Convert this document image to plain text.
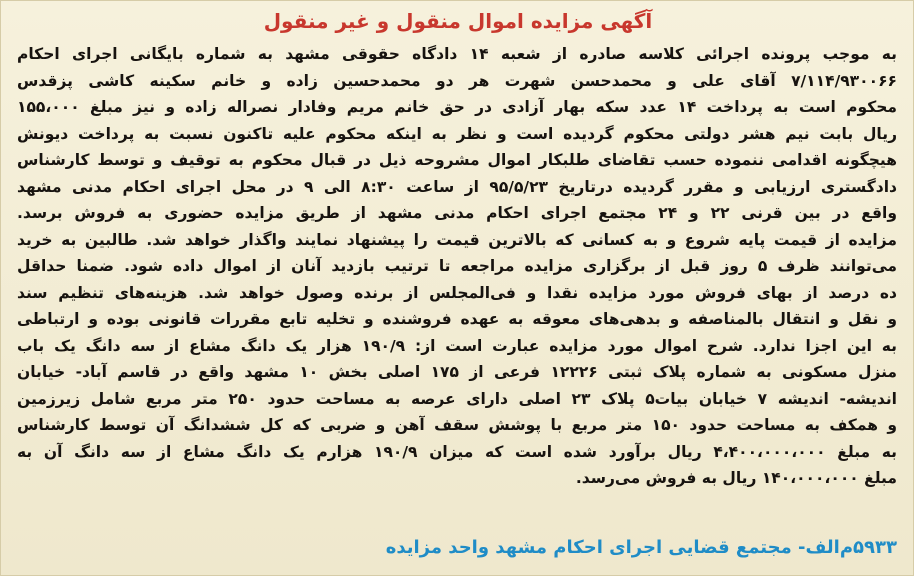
آگهی مزایده اموال منقول و غیر منقول
به موجب پرونده اجرائی کلاسه صادره از شعبه ۱۴ دادگاه حقوقی مشهد به شماره بایگانی اجرای احکام
۷/۱۱۴/۹۳۰۰۶۶ آقای علی و محمدحسن شهرت هر دو محمدحسین زاده و خانم سکینه کاشی پزقدس
محکوم است به پرداخت ۱۴ عدد سکه بهار آزادی در حق خانم مریم وفادار نصراله زاده و نیز مبلغ ۱۵۵،۰۰۰
ریال بابت نیم هشر دولتی محکوم گردیده است و نظر به اینکه محکوم علیه تاکنون نسبت به پرداخت دیونش
هیچگونه اقدامی ننموده حسب تقاضای طلبکار اموال مشروحه ذیل در قبال محکوم به توقیف و توسط کارشناس
دادگستری ارزیابی و مقرر گردیده درتاریخ ۹۵/۵/۲۳ از ساعت ۸:۳۰ الی ۹ در محل اجرای احکام مدنی مشهد
واقع در بین قرنی ۲۲ و ۲۴ مجتمع اجرای احکام مدنی مشهد از طریق مزایده حضوری به فروش برسد.
مزایده از قیمت پایه شروع و به کسانی که بالاترین قیمت را پیشنهاد نمایند واگذار خواهد شد. طالبین به خرید
می‌توانند ظرف ۵ روز قبل از برگزاری مزایده مراجعه تا ترتیب بازدید آنان از اموال داده شود. ضمنا حداقل
ده درصد از بهای فروش مورد مزایده نقدا و فی‌المجلس از برنده وصول خواهد شد. هزینه‌های تنظیم سند
و نقل و انتقال بالمناصفه و بدهی‌های معوقه به عهده فروشنده و تخلیه تابع مقررات قانونی بوده و ارتباطی
به این اجزا ندارد. شرح اموال مورد مزایده عبارت است از: ۱۹۰/۹ هزار یک دانگ مشاع از سه دانگ یک باب
منزل مسکونی به شماره پلاک ثبتی ۱۲۲۲۶ فرعی از ۱۷۵ اصلی بخش ۱۰ مشهد واقع در قاسم آباد- خیابان
اندیشه- اندیشه ۷ خیابان بیات۵ پلاک ۲۳ اصلی دارای عرصه به مساحت حدود ۲۵۰ متر مربع شامل زیرزمین
و همکف به مساحت حدود ۱۵۰ متر مربع با پوشش سقف آهن و ضربی که کل ششدانگ آن توسط کارشناس
به مبلغ ۴،۴۰۰،۰۰۰،۰۰۰ ریال برآورد شده است که میزان ۱۹۰/۹ هزارم یک دانگ مشاع از سه دانگ آن به
مبلغ ۱۴۰،۰۰۰،۰۰۰ ریال به فروش می‌رسد.
۵۹۳۳م‌الف- مجتمع قضایی اجرای احکام مشهد واحد مزایده
